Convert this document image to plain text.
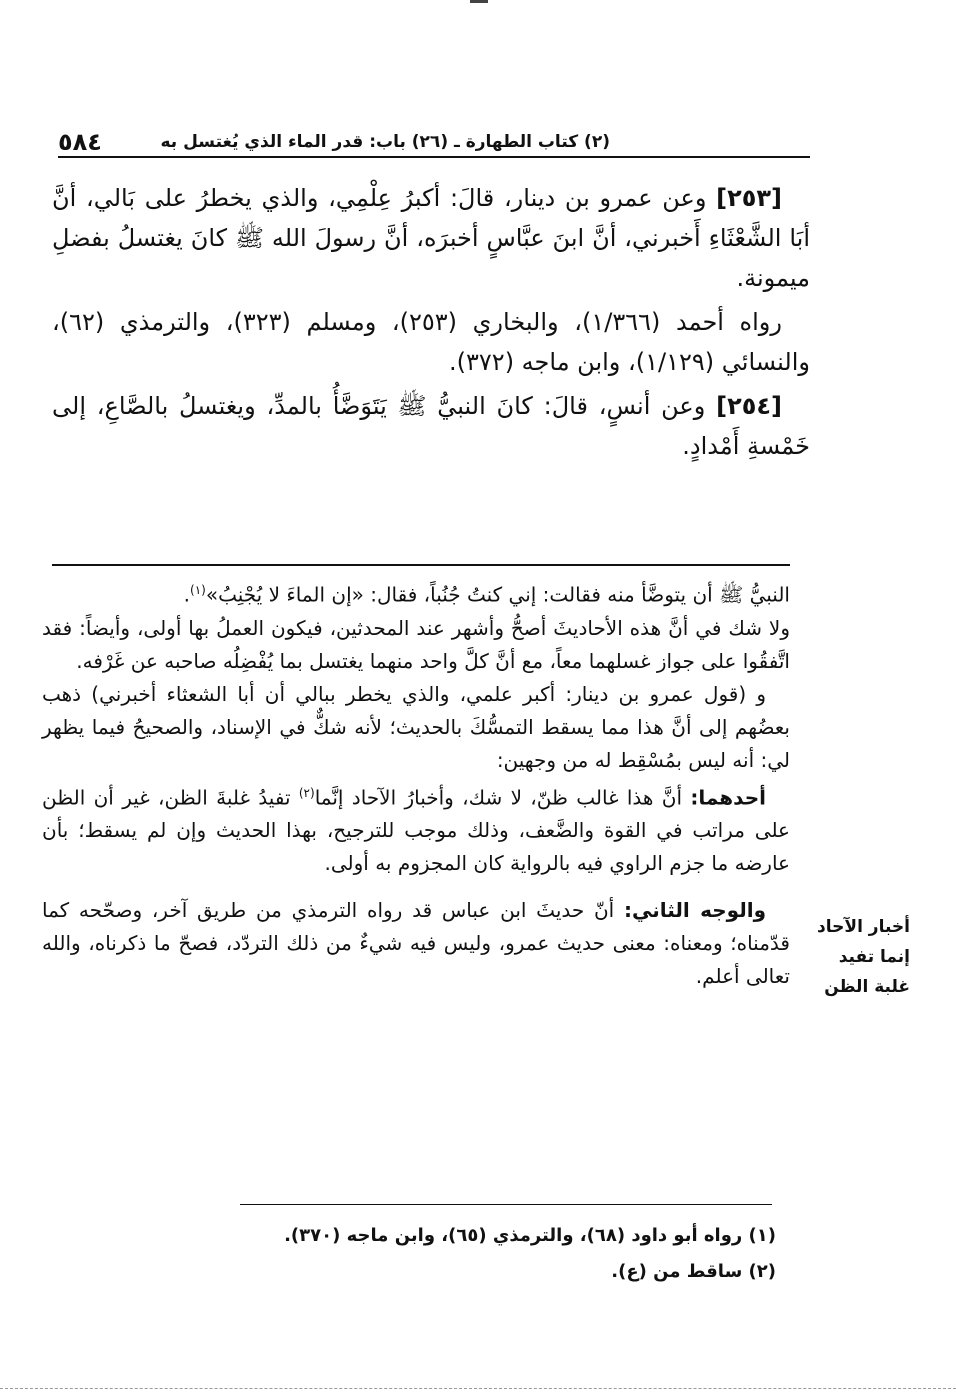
(٢) كتاب الطهارة ـ (٢٦) باب: قدر الماء الذي يُغتسل به
٥٨٤

[٢٥٣] وعن عمرو بن دينار، قالَ: أكبرُ عِلْمِي، والذي يخطرُ على بَالي، أنَّ أبَا الشَّعْثَاءِ أَخبرني، أنَّ ابنَ عبَّاسٍ أخبرَه، أنَّ رسولَ الله ﷺ كانَ يغتسلُ بفضلِ ميمونة.

رواه أحمد (١/٣٦٦)، والبخاري (٢٥٣)، ومسلم (٣٢٣)، والترمذي (٦٢)، والنسائي (١/١٢٩)، وابن ماجه (٣٧٢).

[٢٥٤] وعن أنسٍ، قالَ: كانَ النبيُّ ﷺ يَتَوَضَّأُ بالمدِّ، ويغتسلُ بالصَّاعِ، إلى خَمْسةِ أَمْدادٍ.

النبيُّ ﷺ أن يتوضَّأ منه فقالت: إني كنتُ جُنُباً، فقال: «إن الماءَ لا يُجْنِبُ»$^{(١)}$.

ولا شك في أنَّ هذه الأحاديثَ أصحُّ وأشهر عند المحدثين، فيكون العملُ بها أولى، وأيضاً: فقد اتَّفقُوا على جواز غسلهما معاً، مع أنَّ كلَّ واحد منهما يغتسل بما يُفْضِلُه صاحبه عن غَرْفه.

و (قول عمرو بن دينار: أكبر علمي، والذي يخطر ببالي أن أبا الشعثاء أخبرني) ذهب بعضُهم إلى أنَّ هذا مما يسقط التمسُّكَ بالحديث؛ لأنه شكٌّ في الإسناد، والصحيحُ فيما يظهر لي: أنه ليس بمُسْقِط له من وجهين:

أحدهما: أنَّ هذا غالب ظنّ، لا شك، وأخبارُ الآحاد إنَّما$^{(٢)}$ تفيدُ غلبةَ الظن، غير أن الظن على مراتب في القوة والضَّعف، وذلك موجب للترجيح، بهذا الحديث وإن لم يسقط؛ بأن عارضه ما جزم الراوي فيه بالرواية كان المجزوم به أولى.

والوجه الثاني: أنّ حديثَ ابن عباس قد رواه الترمذي من طريق آخر، وصحّحه كما قدّمناه؛ ومعناه: معنى حديث عمرو، وليس فيه شيءٌ من ذلك التردّد، فصحّ ما ذكرناه، والله تعالى أعلم.

أخبار الآحاد إنما تفيد غلبة الظن

(١) رواه أبو داود (٦٨)، والترمذي (٦٥)، وابن ماجه (٣٧٠).

(٢) ساقط من (ع).
